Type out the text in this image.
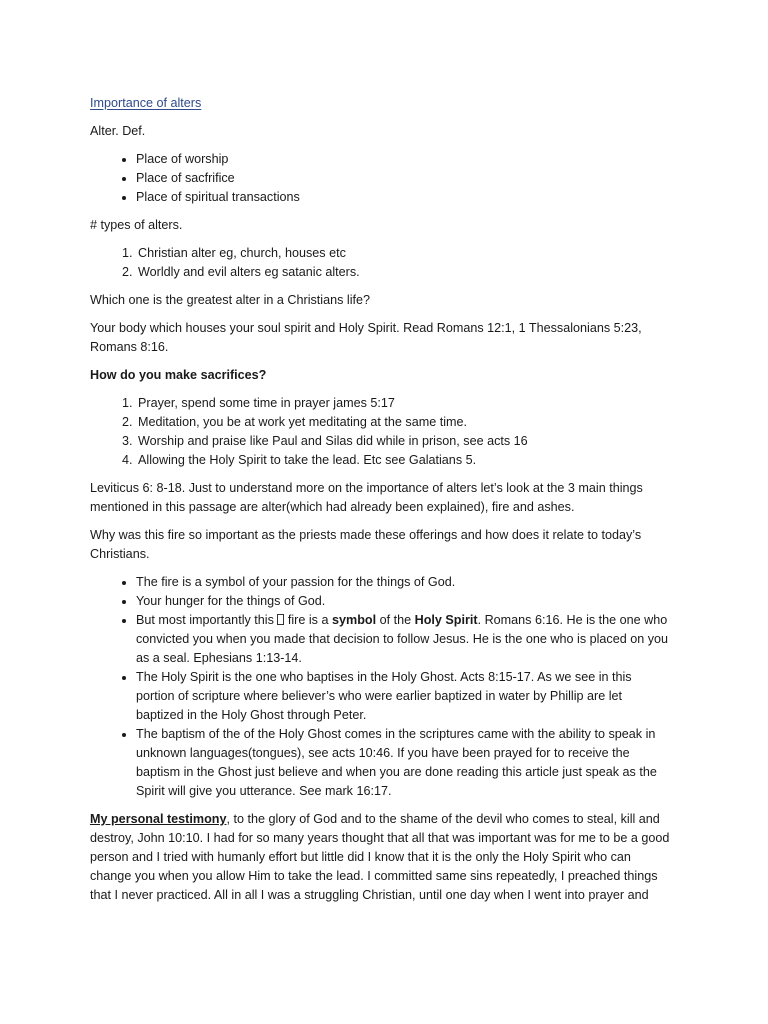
Importance of alters

Alter. Def.

• Place of worship
• Place of sacfrifice
• Place of spiritual transactions

# types of alters.

1. Christian alter eg, church, houses etc
2. Worldly and evil alters eg satanic alters.

Which one is the greatest alter in a Christians life?

Your body which houses your soul spirit and Holy Spirit. Read Romans 12:1, 1 Thessalonians 5:23, Romans 8:16.

How do you make sacrifices?

1. Prayer, spend some time in prayer james 5:17
2. Meditation, you be at work yet meditating at the same time.
3. Worship and praise like Paul and Silas did while in prison, see acts 16
4. Allowing the Holy Spirit to take the lead. Etc see Galatians 5.

Leviticus 6: 8-18. Just to understand more on the importance of alters let’s look at the 3 main things mentioned in this passage are alter(which had already been explained), fire and ashes.

Why was this fire so important as the priests made these offerings and how does it relate to today’s Christians.

• The fire is a symbol of your passion for the things of God.
• Your hunger for the things of God.
• But most importantly this  fire is a symbol of the Holy Spirit. Romans 6:16. He is the one who convicted you when you made that decision to follow Jesus. He is the one who is placed on you as a seal. Ephesians 1:13-14.
• The Holy Spirit is the one who baptises in the Holy Ghost. Acts 8:15-17. As we see in this portion of scripture where believer’s who were earlier baptized in water by Phillip are let baptized in the Holy Ghost through Peter.
• The baptism of the of the Holy Ghost comes in the scriptures came with the ability to speak in unknown languages(tongues), see acts 10:46. If you have been prayed for to receive the baptism in the Ghost just believe and when you are done reading this article just speak as the Spirit will give you utterance. See mark 16:17.

My personal testimony, to the glory of God and to the shame of the devil who comes to steal, kill and destroy, John 10:10. I had for so many years thought that all that was important was for me to be a good person and I tried with humanly effort but little did I know that it is the only the Holy Spirit who can change you when you allow Him to take the lead. I committed same sins repeatedly, I preached things that I never practiced. All in all I was a struggling Christian, until one day when I went into prayer and
